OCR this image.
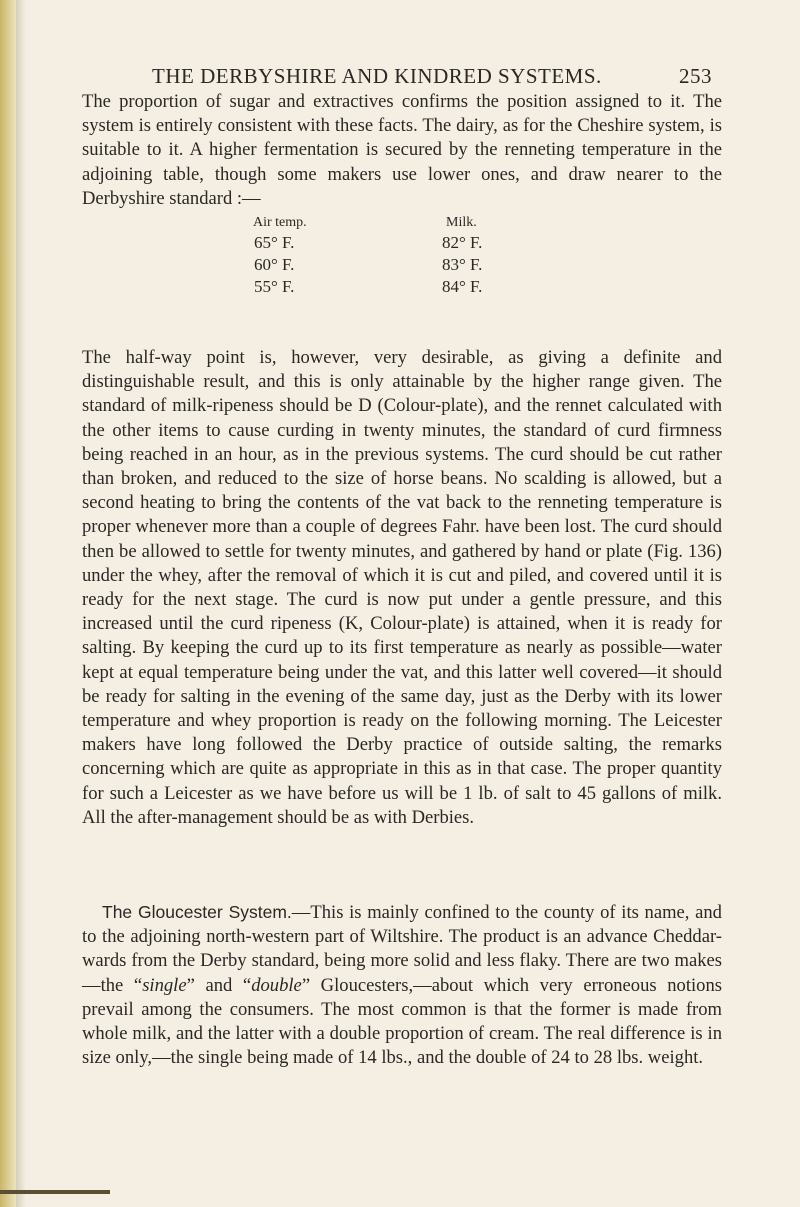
THE DERBYSHIRE AND KINDRED SYSTEMS.	253
The proportion of sugar and extractives confirms the position assigned to it. The system is entirely consistent with these facts. The dairy, as for the Cheshire system, is suitable to it. A higher fermentation is secured by the renneting temperature in the adjoining table, though some makers use lower ones, and draw nearer to the Derbyshire standard :—
Air temp.	Milk.
65° F.	82° F.
60° F.	83° F.
55° F.	84° F.
The half-way point is, however, very desirable, as giving a definite and distinguishable result, and this is only attainable by the higher range given. The standard of milk-ripeness should be D (Colour-plate), and the rennet calculated with the other items to cause curding in twenty minutes, the standard of curd firmness being reached in an hour, as in the previous systems. The curd should be cut rather than broken, and reduced to the size of horse beans. No scalding is allowed, but a second heating to bring the contents of the vat back to the renneting temperature is proper whenever more than a couple of degrees Fahr. have been lost. The curd should then be allowed to settle for twenty minutes, and gathered by hand or plate (Fig. 136) under the whey, after the removal of which it is cut and piled, and covered until it is ready for the next stage. The curd is now put under a gentle pressure, and this increased until the curd ripeness (K, Colour-plate) is attained, when it is ready for salting. By keeping the curd up to its first temperature as nearly as possible—water kept at equal temperature being under the vat, and this latter well covered—it should be ready for salting in the evening of the same day, just as the Derby with its lower temperature and whey proportion is ready on the following morning. The Leicester makers have long followed the Derby practice of outside salting, the remarks concerning which are quite as appropriate in this as in that case. The proper quantity for such a Leicester as we have before us will be 1 lb. of salt to 45 gallons of milk. All the after-management should be as with Derbies.
The Gloucester System.—This is mainly confined to the county of its name, and to the adjoining north-western part of Wiltshire. The product is an advance Cheddar-wards from the Derby standard, being more solid and less flaky. There are two makes—the “single” and “double” Gloucesters,—about which very erroneous notions prevail among the consumers. The most common is that the former is made from whole milk, and the latter with a double proportion of cream. The real difference is in size only,—the single being made of 14 lbs., and the double of 24 to 28 lbs. weight.
